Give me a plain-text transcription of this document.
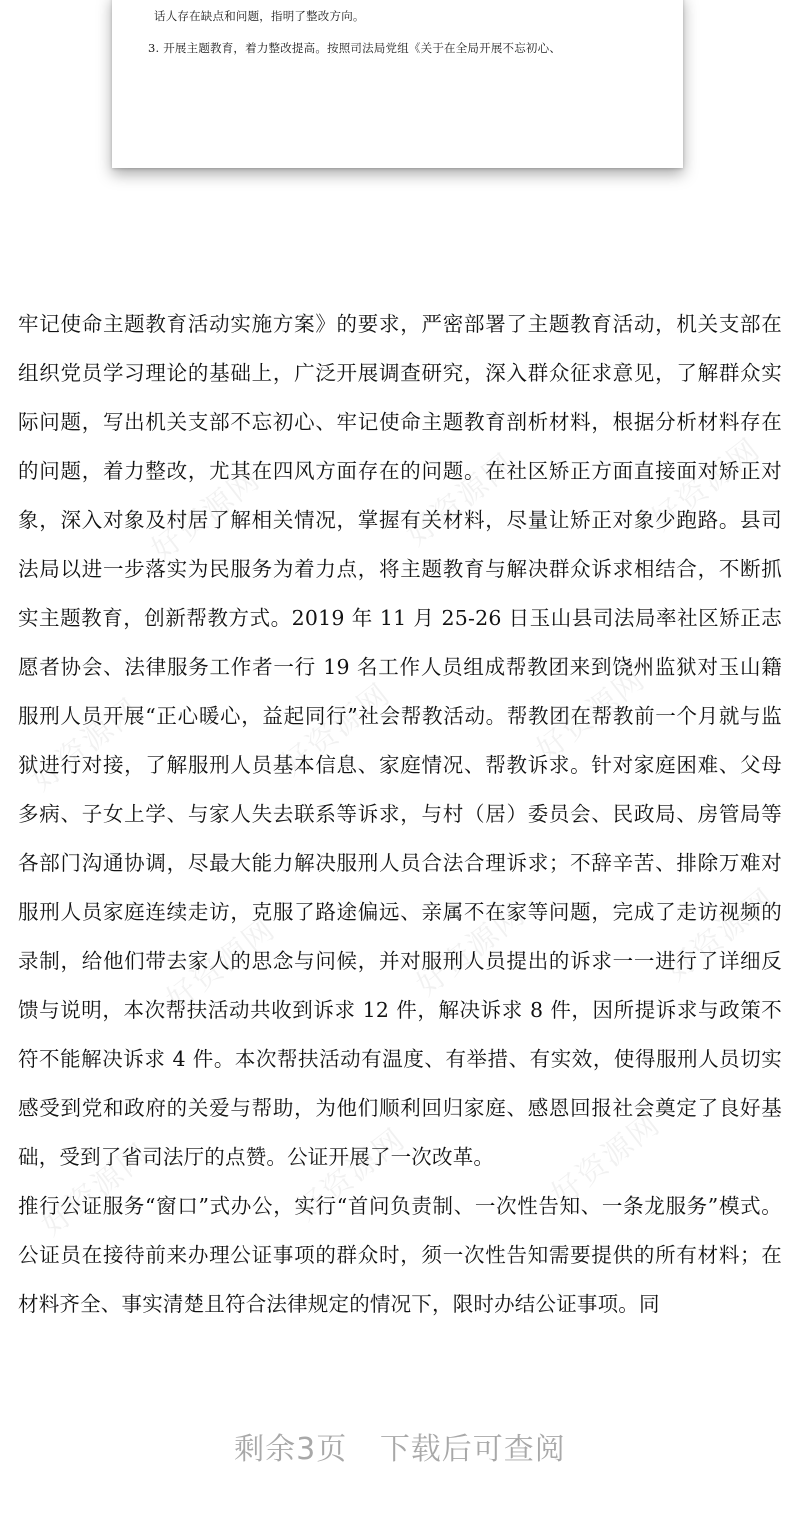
话人存在缺点和问题，指明了整改方向。
3. 开展主题教育，着力整改提高。按照司法局党组《关于在全局开展不忘初心、
好资源网	好资源网	好资源网
好资源网	好资源网	好资源网
好资源网	好资源网	好资源网
好资源网	好资源网	好资源网

牢记使命主题教育活动实施方案》的要求，严密部署了主题教育活动，机关支部在组织党员学习理论的基础上，广泛开展调查研究，深入群众征求意见，了解群众实际问题，写出机关支部不忘初心、牢记使命主题教育剖析材料，根据分析材料存在的问题，着力整改，尤其在四风方面存在的问题。在社区矫正方面直接面对矫正对象，深入对象及村居了解相关情况，掌握有关材料，尽量让矫正对象少跑路。县司法局以进一步落实为民服务为着力点，将主题教育与解决群众诉求相结合，不断抓实主题教育，创新帮教方式。2019 年 11 月 25-26 日玉山县司法局率社区矫正志愿者协会、法律服务工作者一行 19 名工作人员组成帮教团来到饶州监狱对玉山籍服刑人员开展“正心暖心，益起同行”社会帮教活动。帮教团在帮教前一个月就与监狱进行对接，了解服刑人员基本信息、家庭情况、帮教诉求。针对家庭困难、父母多病、子女上学、与家人失去联系等诉求，与村（居）委员会、民政局、房管局等各部门沟通协调，尽最大能力解决服刑人员合法合理诉求；不辞辛苦、排除万难对服刑人员家庭连续走访，克服了路途偏远、亲属不在家等问题，完成了走访视频的录制，给他们带去家人的思念与问候，并对服刑人员提出的诉求一一进行了详细反馈与说明，本次帮扶活动共收到诉求 12 件，解决诉求 8 件，因所提诉求与政策不符不能解决诉求 4 件。本次帮扶活动有温度、有举措、有实效，使得服刑人员切实感受到党和政府的关爱与帮助，为他们顺利回归家庭、感恩回报社会奠定了良好基础，受到了省司法厅的点赞。公证开展了一次改革。

推行公证服务“窗口”式办公，实行“首问负责制、一次性告知、一条龙服务”模式。公证员在接待前来办理公证事项的群众时，须一次性告知需要提供的所有材料；在材料齐全、事实清楚且符合法律规定的情况下，限时办结公证事项。同

剩余3页 下载后可查阅
